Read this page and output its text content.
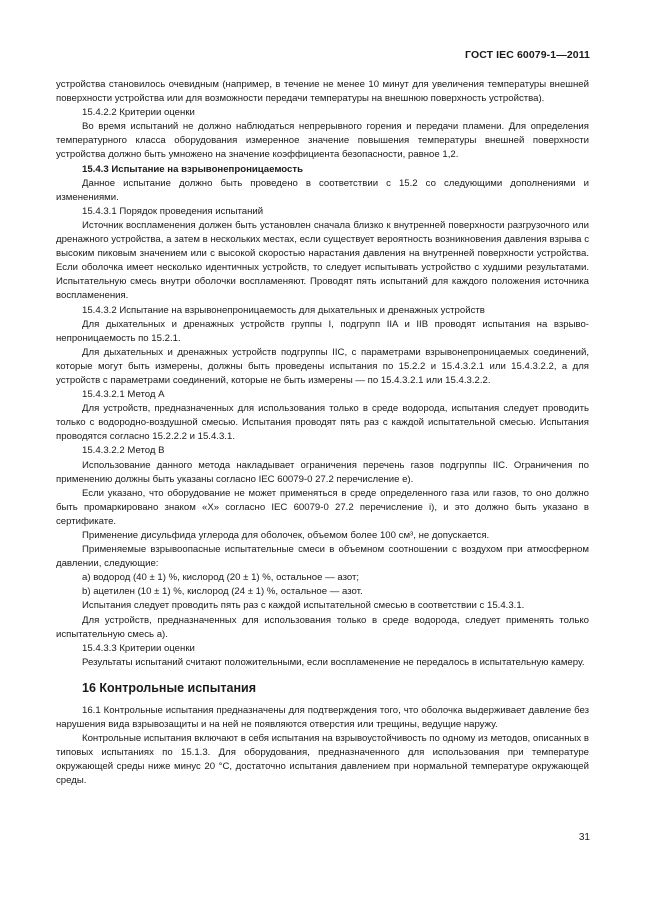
ГОСТ IEC 60079-1—2011

устройства становилось очевидным (например, в течение не менее 10 минут для увеличения температуры внешней поверхности устройства или для возможности передачи температуры на внешнюю поверхность устройства).

15.4.2.2 Критерии оценки

Во время испытаний не должно наблюдаться непрерывного горения и передачи пламени. Для определения температурного класса оборудования измеренное значение повышения температуры внешней поверхности устройства должно быть умножено на значение коэффициента безопасности, равное 1,2.

15.4.3 Испытание на взрывонепроницаемость

Данное испытание должно быть проведено в соответствии с 15.2 со следующими дополнениями и изменениями.

15.4.3.1 Порядок проведения испытаний

Источник воспламенения должен быть установлен сначала близко к внутренней поверхности разгрузочного или дренажного устройства, а затем в нескольких местах, если существует вероятность возникновения давления взрыва с высоким пиковым значением или с высокой скоростью нарастания давления на внутренней поверхности устройства. Если оболочка имеет несколько идентичных устройств, то следует испытывать устройство с худшими результатами. Испытательную смесь внутри оболочки воспламеняют. Проводят пять испытаний для каждого положения источника воспламенения.

15.4.3.2 Испытание на взрывонепроницаемость для дыхательных и дренажных устройств

Для дыхательных и дренажных устройств группы I, подгрупп IIA и IIB проводят испытания на взрывонепроницаемость по 15.2.1.

Для дыхательных и дренажных устройств подгруппы IIC, с параметрами взрывонепроницаемых соединений, которые могут быть измерены, должны быть проведены испытания по 15.2.2 и 15.4.3.2.1 или 15.4.3.2.2, а для устройств с параметрами соединений, которые не быть измерены — по 15.4.3.2.1 или 15.4.3.2.2.

15.4.3.2.1 Метод А

Для устройств, предназначенных для использования только в среде водорода, испытания следует проводить только с водородно-воздушной смесью. Испытания проводят пять раз с каждой испытательной смесью. Испытания проводятся согласно 15.2.2.2 и 15.4.3.1.

15.4.3.2.2 Метод В

Использование данного метода накладывает ограничения перечень газов подгруппы IIC. Ограничения по применению должны быть указаны согласно IEC 60079-0 27.2 перечисление е).

Если указано, что оборудование не может применяться в среде определенного газа или газов, то оно должно быть промаркировано знаком «X» согласно IEC 60079-0 27.2 перечисление i), и это должно быть указано в сертификате.

Применение дисульфида углерода для оболочек, объемом более 100 см³, не допускается.

Применяемые взрывоопасные испытательные смеси в объемном соотношении с воздухом при атмосферном давлении, следующие:

а) водород (40 ± 1) %, кислород (20 ± 1) %, остальное — азот;

b) ацетилен (10 ± 1) %, кислород (24 ± 1) %, остальное — азот.

Испытания следует проводить пять раз с каждой испытательной смесью в соответствии с 15.4.3.1.

Для устройств, предназначенных для использования только в среде водорода, следует применять только испытательную смесь а).

15.4.3.3 Критерии оценки

Результаты испытаний считают положительными, если воспламенение не передалось в испытательную камеру.

16 Контрольные испытания

16.1 Контрольные испытания предназначены для подтверждения того, что оболочка выдерживает давление без нарушения вида взрывозащиты и на ней не появляются отверстия или трещины, ведущие наружу.

Контрольные испытания включают в себя испытания на взрывоустойчивость по одному из методов, описанных в типовых испытаниях по 15.1.3. Для оборудования, предназначенного для использования при температуре окружающей среды ниже минус 20 °С, достаточно испытания давлением при нормальной температуре окружающей среды.

31
